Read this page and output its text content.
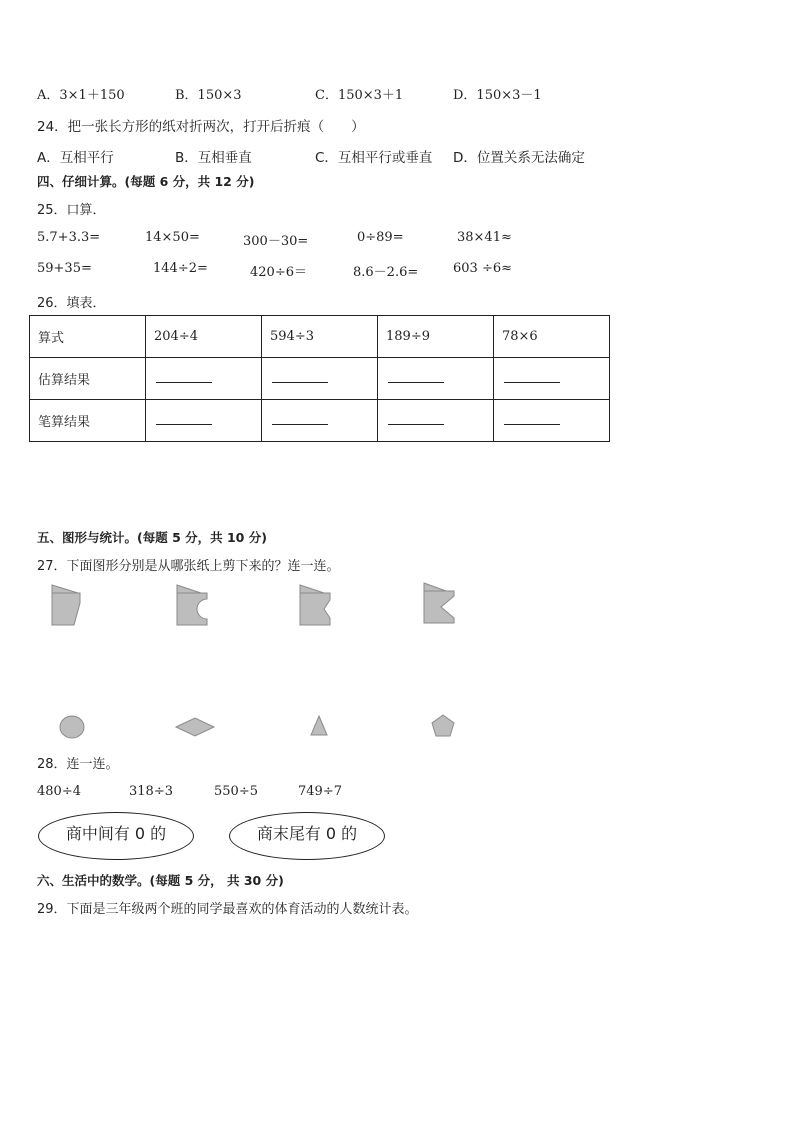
A．3×1＋150	B．150×3	C．150×3＋1	D．150×3－1
24．把一张长方形的纸对折两次，打开后折痕（　　）
A．互相平行	B．互相垂直	C．互相平行或垂直 D．位置关系无法确定
四、仔细计算。(每题 6 分，共 12 分)
25．口算．
5.7+3.3=	14×50=	300－30=	0÷89=	38×41≈
59+35=	144÷2=	420÷6＝	8.6－2.6=	603 ÷6≈
26．填表．
算式	204÷4	594÷3	189÷9	78×6
估算结果				
笔算结果				
五、图形与统计。(每题 5 分，共 10 分)
27．下面图形分别是从哪张纸上剪下来的？连一连。
28．连一连。
480÷4	318÷3	550÷5	749÷7
商中间有 0 的	商末尾有 0 的
六、生活中的数学。(每题 5 分， 共 30 分)
29．下面是三年级两个班的同学最喜欢的体育活动的人数统计表。
